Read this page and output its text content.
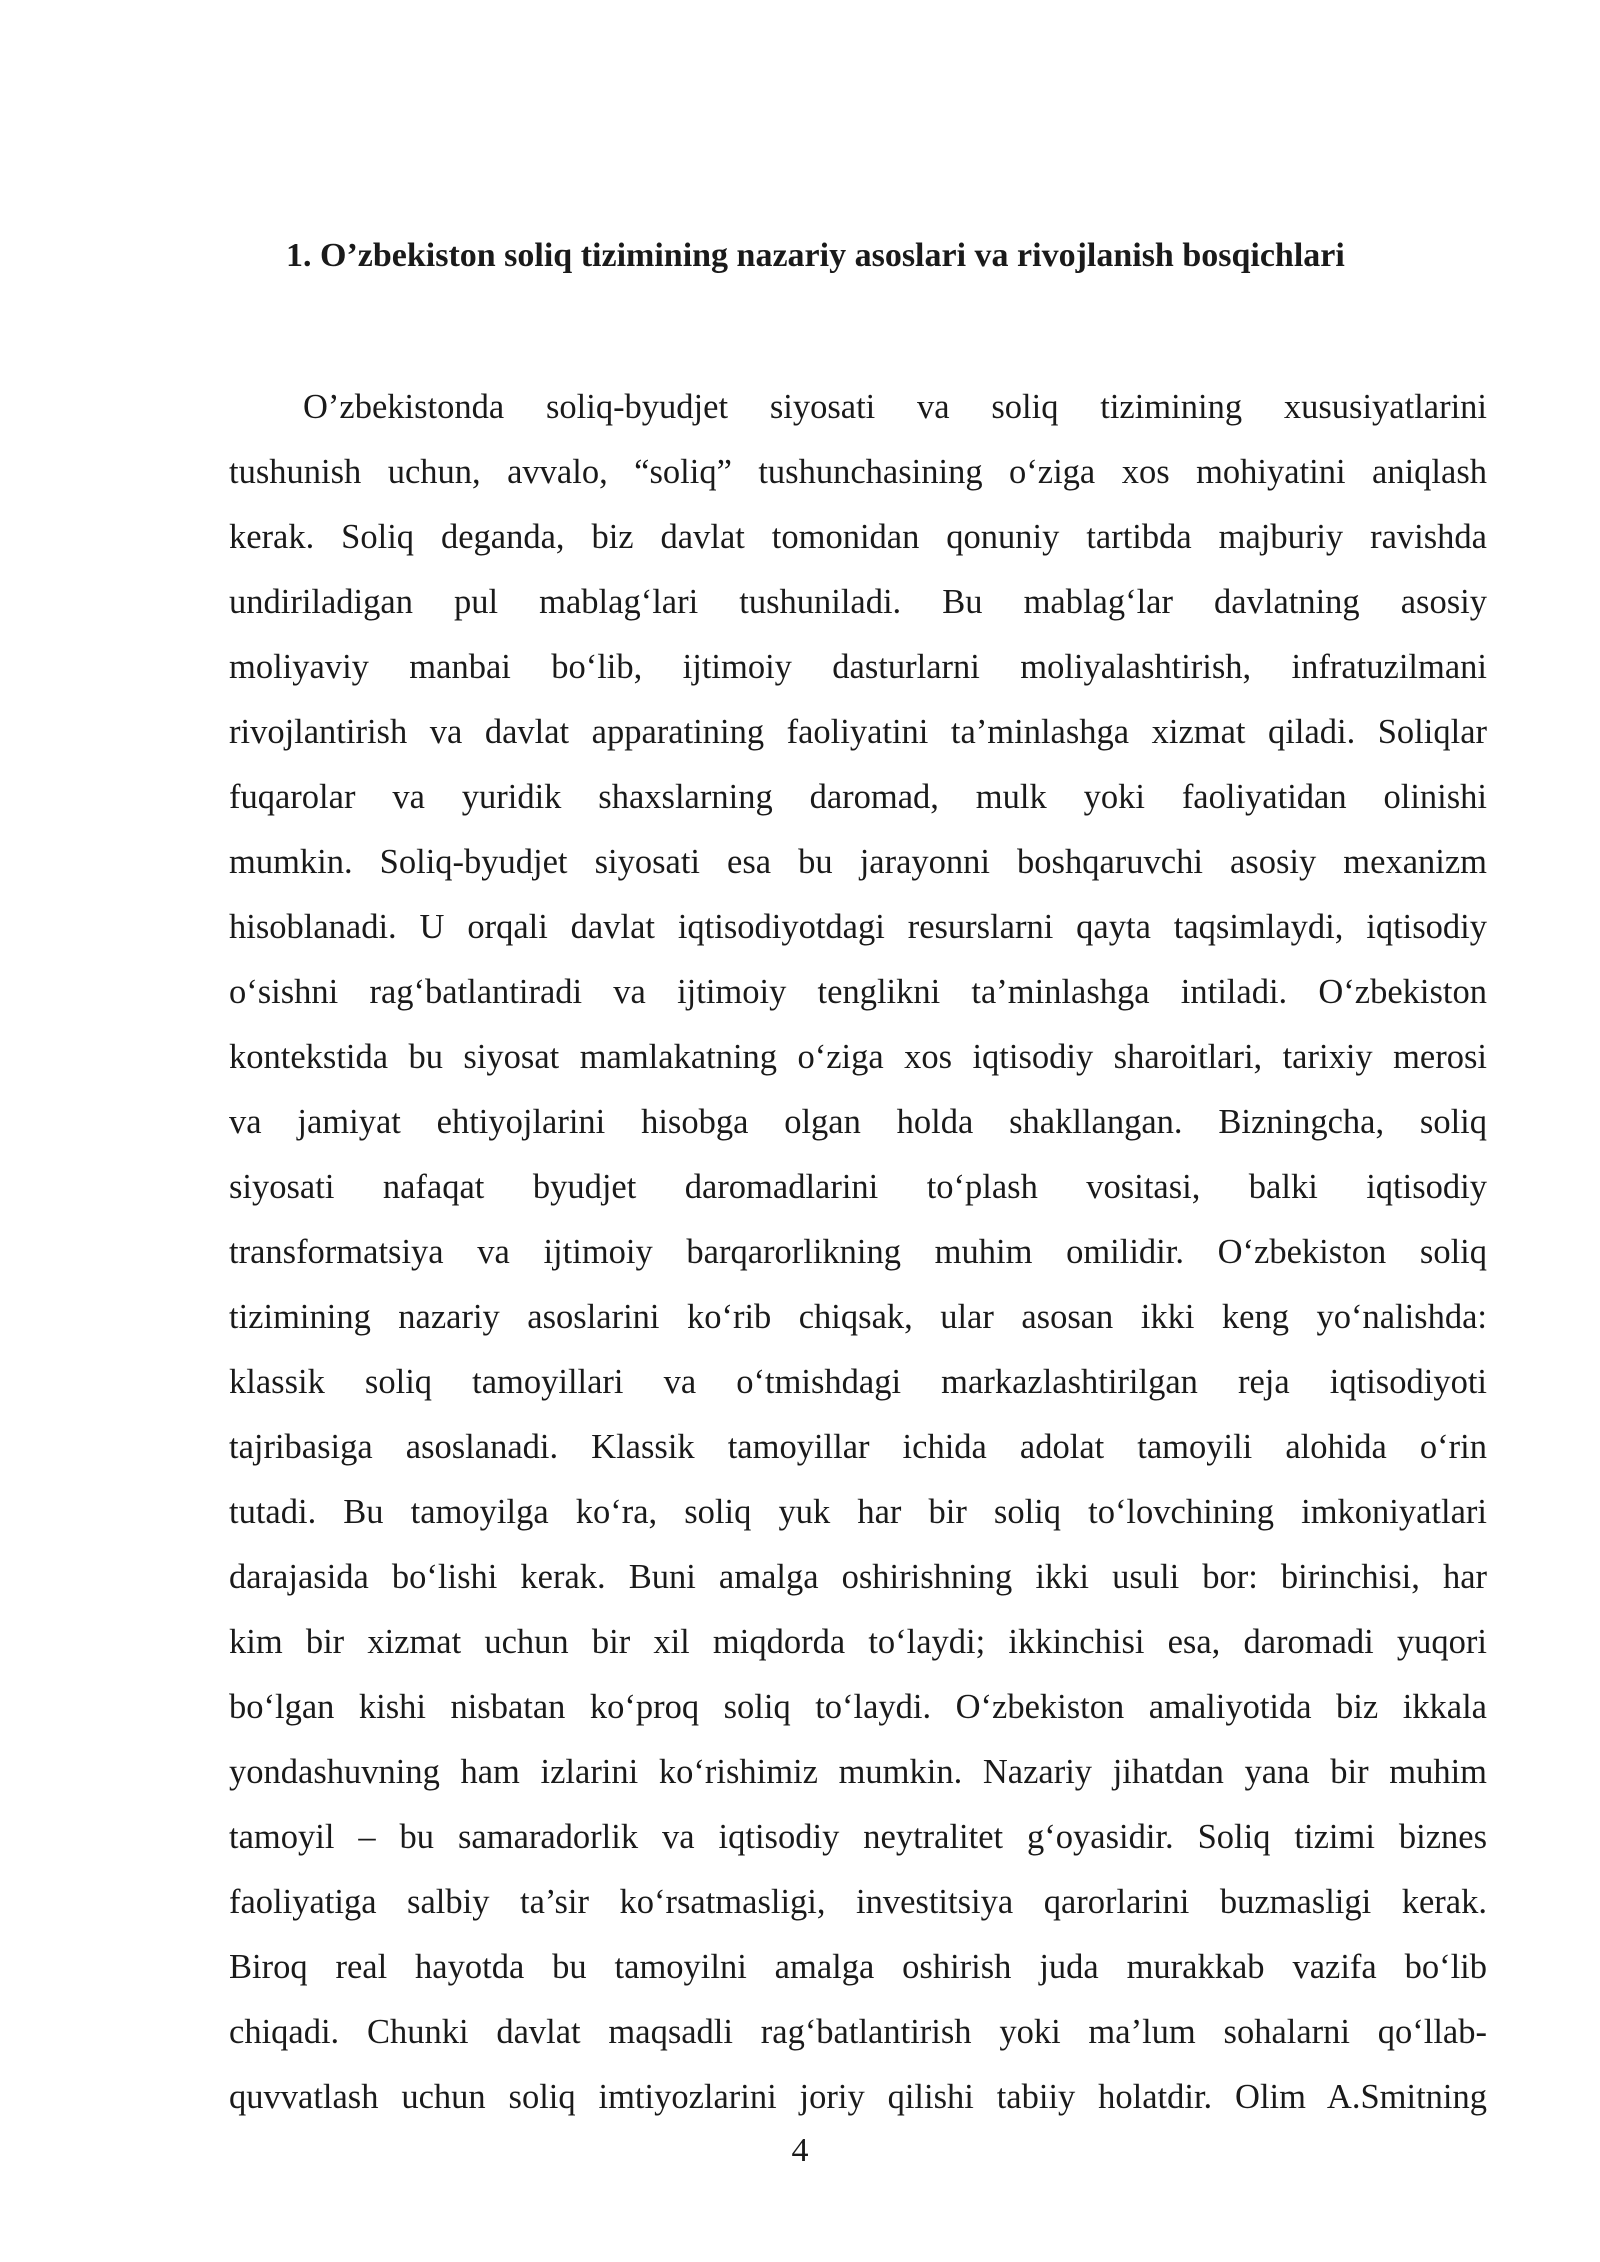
1. O’zbekiston soliq tizimining nazariy asoslari va rivojlanish bosqichlari
O’zbekistonda soliq-byudjet siyosati va soliq tizimining xususiyatlarini
tushunish uchun, avvalo, “soliq” tushunchasining o‘ziga xos mohiyatini aniqlash
kerak. Soliq deganda, biz davlat tomonidan qonuniy tartibda majburiy ravishda
undiriladigan pul mablag‘lari tushuniladi. Bu mablag‘lar davlatning asosiy
moliyaviy manbai bo‘lib, ijtimoiy dasturlarni moliyalashtirish, infratuzilmani
rivojlantirish va davlat apparatining faoliyatini ta’minlashga xizmat qiladi. Soliqlar
fuqarolar va yuridik shaxslarning daromad, mulk yoki faoliyatidan olinishi
mumkin. Soliq-byudjet siyosati esa bu jarayonni boshqaruvchi asosiy mexanizm
hisoblanadi. U orqali davlat iqtisodiyotdagi resurslarni qayta taqsimlaydi, iqtisodiy
o‘sishni rag‘batlantiradi va ijtimoiy tenglikni ta’minlashga intiladi. O‘zbekiston
kontekstida bu siyosat mamlakatning o‘ziga xos iqtisodiy sharoitlari, tarixiy merosi
va jamiyat ehtiyojlarini hisobga olgan holda shakllangan. Bizningcha, soliq
siyosati nafaqat byudjet daromadlarini to‘plash vositasi, balki iqtisodiy
transformatsiya va ijtimoiy barqarorlikning muhim omilidir. O‘zbekiston soliq
tizimining nazariy asoslarini ko‘rib chiqsak, ular asosan ikki keng yo‘nalishda:
klassik soliq tamoyillari va o‘tmishdagi markazlashtirilgan reja iqtisodiyoti
tajribasiga asoslanadi. Klassik tamoyillar ichida adolat tamoyili alohida o‘rin
tutadi. Bu tamoyilga ko‘ra, soliq yuk har bir soliq to‘lovchining imkoniyatlari
darajasida bo‘lishi kerak. Buni amalga oshirishning ikki usuli bor: birinchisi, har
kim bir xizmat uchun bir xil miqdorda to‘laydi; ikkinchisi esa, daromadi yuqori
bo‘lgan kishi nisbatan ko‘proq soliq to‘laydi. O‘zbekiston amaliyotida biz ikkala
yondashuvning ham izlarini ko‘rishimiz mumkin. Nazariy jihatdan yana bir muhim
tamoyil – bu samaradorlik va iqtisodiy neytralitet g‘oyasidir. Soliq tizimi biznes
faoliyatiga salbiy ta’sir ko‘rsatmasligi, investitsiya qarorlarini buzmasligi kerak.
Biroq real hayotda bu tamoyilni amalga oshirish juda murakkab vazifa bo‘lib
chiqadi. Chunki davlat maqsadli rag‘batlantirish yoki ma’lum sohalarni qo‘llab-
quvvatlash uchun soliq imtiyozlarini joriy qilishi tabiiy holatdir. Olim A.Smitning
4
